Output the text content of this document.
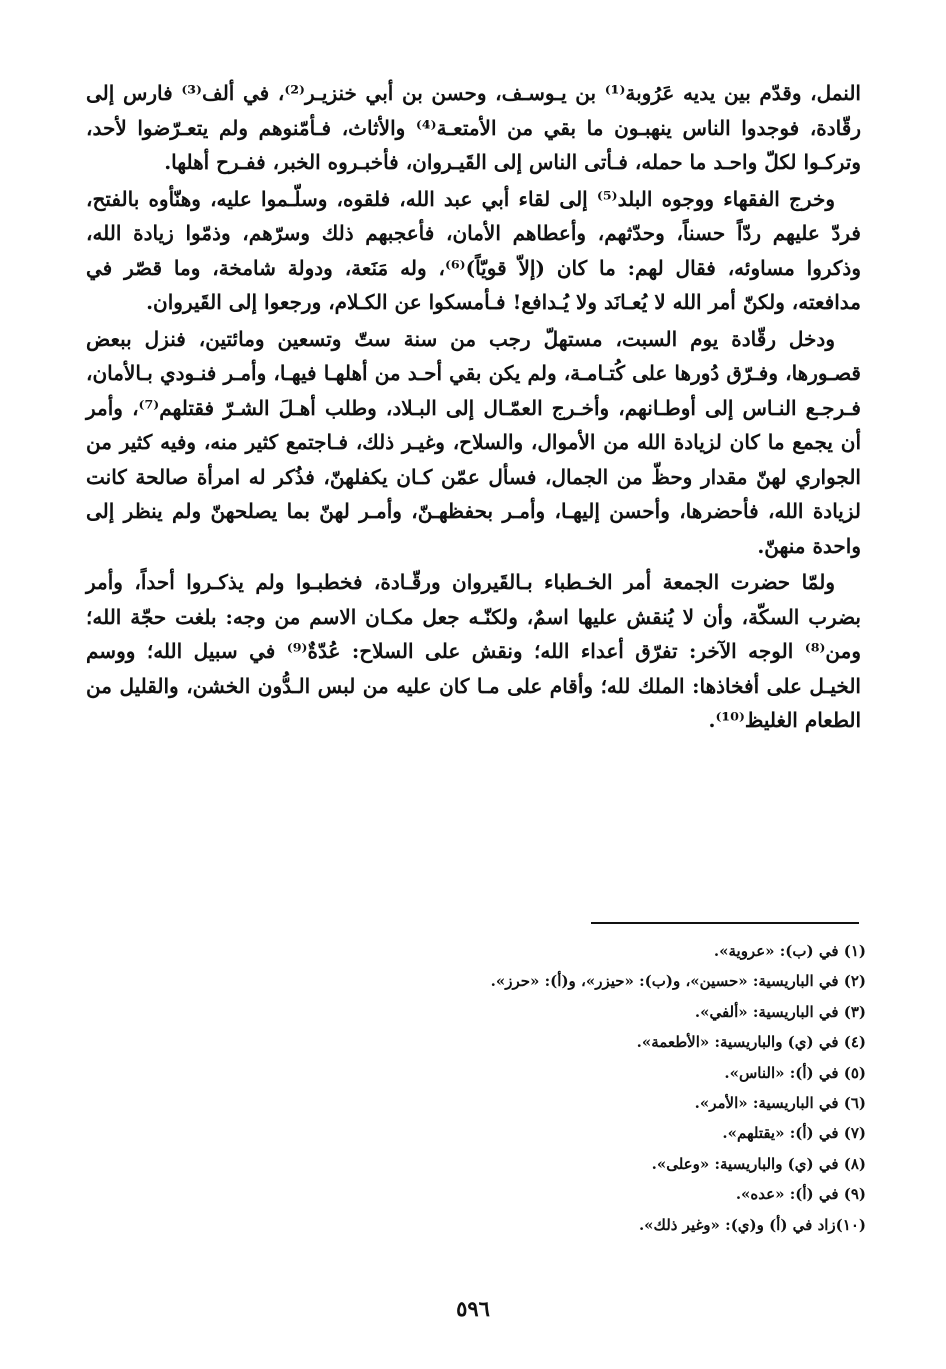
النمل، وقدّم بين يديه عَرُوبة⁽¹⁾ بن يـوسـف، وحسن بن أبي خنزيـر⁽²⁾، في ألف⁽³⁾ فارس إلى رقّادة، فوجدوا الناس ينهبـون ما بقي من الأمتعـة⁽⁴⁾ والأثاث، فـأمّنوهم ولم يتعـرّضوا لأحد، وتركـوا لكلّ واحـد ما حمله، فـأتى الناس إلى القَيـروان، فأخبـروه الخبر، ففـرح أهلها.

وخرج الفقهاء ووجوه البلد⁽⁵⁾ إلى لقاء أبي عبد الله، فلقوه، وسلّـموا عليه، وهنّأوه بالفتح، فردّ عليهم ردّاً حسناً، وحدّثهم، وأعطاهم الأمان، فأعجبهم ذلك وسرّهم، وذمّوا زيادة الله، وذكروا مساوئه، فقال لهم: ما كان (إلاّ قويّاً)⁽⁶⁾، وله مَنَعة، ودولة شامخة، وما قصّر في مدافعته، ولكنّ أمر الله لا يُعـانَد ولا يُـدافع! فـأمسكوا عن الكـلام، ورجعوا إلى القَيروان.

ودخل رقّادة يوم السبت، مستهلّ رجب من سنة ستّ وتسعين ومائتين، فنزل ببعض قصـورها، وفـرّق دُورها على كُتـامـة، ولم يكن بقي أحـد من أهلهـا فيهـا، وأمـر فنـودي بـالأمان، فـرجـع النـاس إلى أوطـانهم، وأخـرج العمّـال إلى البـلاد، وطلب أهـلَ الشـرّ فقتلهم⁽⁷⁾، وأمر أن يجمع ما كان لزيادة الله من الأموال، والسلاح، وغيـر ذلك، فـاجتمع كثير منه، وفيه كثير من الجواري لهنّ مقدار وحظّ من الجمال، فسأل عمّن كـان يكفلهنّ، فذُكر له امرأة صالحة كانت لزيادة الله، فأحضرها، وأحسن إليهـا، وأمـر بحفظهـنّ، وأمـر لهنّ بما يصلحهنّ ولم ينظر إلى واحدة منهنّ.

ولمّا حضرت الجمعة أمر الخـطباء بـالقَيروان ورقّـادة، فخطبـوا ولم يذكـروا أحداً، وأمر بضرب السكّة، وأن لا يُنقش عليها اسمٌ، ولكنّـه جعل مكـان الاسم من وجه: بلغت حجّة الله؛ ومن⁽⁸⁾ الوجه الآخر: تفرّق أعداء الله؛ ونقش على السلاح: عُدّةٌ⁽⁹⁾ في سبيل الله؛ ووسم الخيـل على أفخاذها: الملك لله؛ وأقام على مـا كان عليه من لبس الـدُّون الخشن، والقليل من الطعام الغليظ⁽¹⁰⁾.

(١) في (ب): «عروية».
(٢) في الباريسية: «حسين»، و(ب): «حيزر»، و(أ): «حرز».
(٣) في الباريسية: «ألفي».
(٤) في (ي) والباريسية: «الأطعمة».
(٥) في (أ): «الناس».
(٦) في الباريسية: «الأمر».
(٧) في (أ): «يقتلهم».
(٨) في (ي) والباريسية: «وعلى».
(٩) في (أ): «عده».
(١٠)زاد في (أ) و(ي): «وغير ذلك».
٥٩٦
